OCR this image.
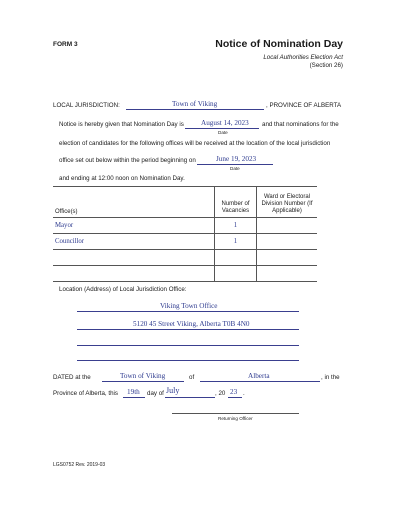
FORM 3	Notice of Nomination Day
Local Authorities Election Act
(Section 26)
LOCAL JURISDICTION:	Town of Viking	, PROVINCE OF ALBERTA
Notice is hereby given that Nomination Day is August 14, 2023
Date
and that nominations for the
election of candidates for the following offices will be received at the location of the local jurisdiction
office set out below within the period beginning on	June 19, 2023
Date
and ending at 12:00 noon on Nomination Day.
Office(s)	Number of Vacancies	Ward or Electoral Division Number (If Applicable)
Mayor	1	
Councillor	1	

Location (Address) of Local Jurisdiction Office:
Viking Town Office
5120 45 Street Viking, Alberta T0B 4N0
DATED at the	Town of Viking	of	Alberta	, in the
Province of Alberta, this 19th day of July	, 20 23 .
Returning Officer
LGS0752 Rev. 2019-03
